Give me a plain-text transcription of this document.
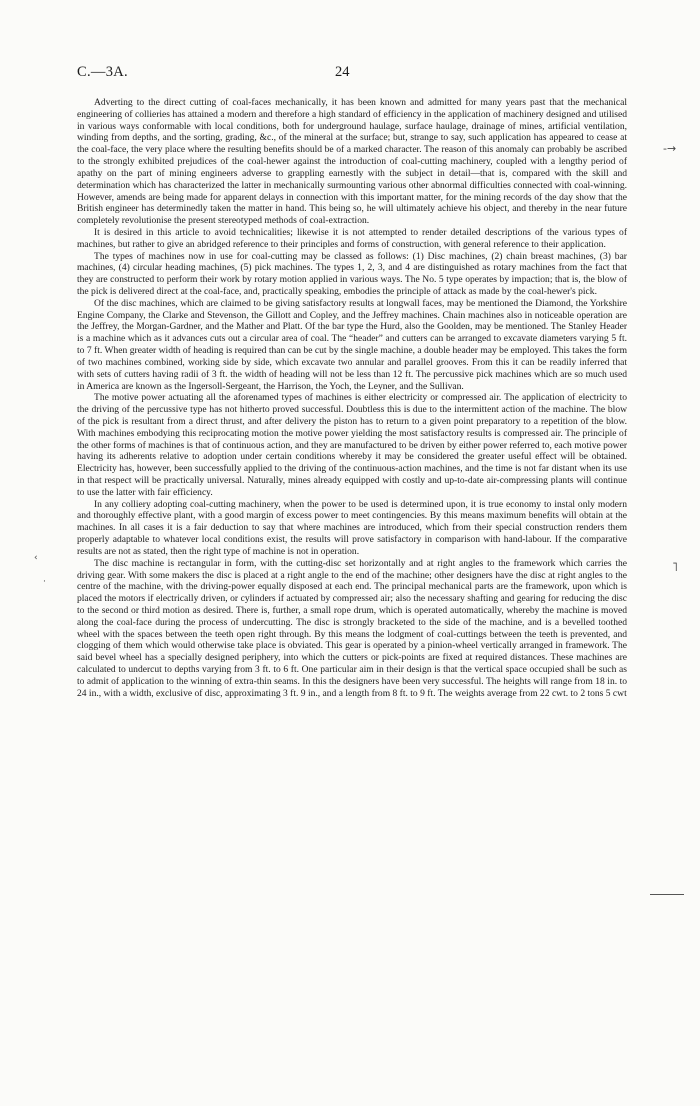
C.—3A.	24

Adverting to the direct cutting of coal-faces mechanically, it has been known and admitted for many years past that the mechanical engineering of collieries has attained a modern and therefore a high standard of efficiency in the application of machinery designed and utilised in various ways conformable with local conditions, both for underground haulage, surface haulage, drainage of mines, artificial ventilation, winding from depths, and the sorting, grading, &c., of the mineral at the surface; but, strange to say, such application has appeared to cease at the coal-face, the very place where the resulting benefits should be of a marked character. The reason of this anomaly can probably be ascribed to the strongly exhibited prejudices of the coal-hewer against the introduction of coal-cutting machinery, coupled with a lengthy period of apathy on the part of mining engineers adverse to grappling earnestly with the subject in detail—that is, compared with the skill and determination which has characterized the latter in mechanically surmounting various other abnormal difficulties connected with coal-winning. However, amends are being made for apparent delays in connection with this important matter, for the mining records of the day show that the British engineer has determinedly taken the matter in hand. This being so, he will ultimately achieve his object, and thereby in the near future completely revolutionise the present stereotyped methods of coal-extraction.

It is desired in this article to avoid technicalities; likewise it is not attempted to render detailed descriptions of the various types of machines, but rather to give an abridged reference to their principles and forms of construction, with general reference to their application.

The types of machines now in use for coal-cutting may be classed as follows: (1) Disc machines, (2) chain breast machines, (3) bar machines, (4) circular heading machines, (5) pick machines. The types 1, 2, 3, and 4 are distinguished as rotary machines from the fact that they are constructed to perform their work by rotary motion applied in various ways. The No. 5 type operates by impaction; that is, the blow of the pick is delivered direct at the coal-face, and, practically speaking, embodies the principle of attack as made by the coal-hewer's pick.

Of the disc machines, which are claimed to be giving satisfactory results at longwall faces, may be mentioned the Diamond, the Yorkshire Engine Company, the Clarke and Stevenson, the Gillott and Copley, and the Jeffrey machines. Chain machines also in noticeable operation are the Jeffrey, the Morgan-Gardner, and the Mather and Platt. Of the bar type the Hurd, also the Goolden, may be mentioned. The Stanley Header is a machine which as it advances cuts out a circular area of coal. The “header” and cutters can be arranged to excavate diameters varying 5 ft. to 7 ft. When greater width of heading is required than can be cut by the single machine, a double header may be employed. This takes the form of two machines combined, working side by side, which excavate two annular and parallel grooves. From this it can be readily inferred that with sets of cutters having radii of 3 ft. the width of heading will not be less than 12 ft. The percussive pick machines which are so much used in America are known as the Ingersoll-Sergeant, the Harrison, the Yoch, the Leyner, and the Sullivan.

The motive power actuating all the aforenamed types of machines is either electricity or compressed air. The application of electricity to the driving of the percussive type has not hitherto proved successful. Doubtless this is due to the intermittent action of the machine. The blow of the pick is resultant from a direct thrust, and after delivery the piston has to return to a given point preparatory to a repetition of the blow. With machines embodying this reciprocating motion the motive power yielding the most satisfactory results is compressed air. The principle of the other forms of machines is that of continuous action, and they are manufactured to be driven by either power referred to, each motive power having its adherents relative to adoption under certain conditions whereby it may be considered the greater useful effect will be obtained. Electricity has, however, been successfully applied to the driving of the continuous-action machines, and the time is not far distant when its use in that respect will be practically universal. Naturally, mines already equipped with costly and up-to-date air-compressing plants will continue to use the latter with fair efficiency.

In any colliery adopting coal-cutting machinery, when the power to be used is determined upon, it is true economy to instal only modern and thoroughly effective plant, with a good margin of excess power to meet contingencies. By this means maximum benefits will obtain at the machines. In all cases it is a fair deduction to say that where machines are introduced, which from their special construction renders them properly adaptable to whatever local conditions exist, the results will prove satisfactory in comparison with hand-labour. If the comparative results are not as stated, then the right type of machine is not in operation.

The disc machine is rectangular in form, with the cutting-disc set horizontally and at right angles to the framework which carries the driving gear. With some makers the disc is placed at a right angle to the end of the machine; other designers have the disc at right angles to the centre of the machine, with the driving-power equally disposed at each end. The principal mechanical parts are the framework, upon which is placed the motors if electrically driven, or cylinders if actuated by compressed air; also the necessary shafting and gearing for reducing the disc to the second or third motion as desired. There is, further, a small rope drum, which is operated automatically, whereby the machine is moved along the coal-face during the process of undercutting. The disc is strongly bracketed to the side of the machine, and is a bevelled toothed wheel with the spaces between the teeth open right through. By this means the lodgment of coal-cuttings between the teeth is prevented, and clogging of them which would otherwise take place is obviated. This gear is operated by a pinion-wheel vertically arranged in framework. The said bevel wheel has a specially designed periphery, into which the cutters or pick-points are fixed at required distances. These machines are calculated to undercut to depths varying from 3 ft. to 6 ft. One particular aim in their design is that the vertical space occupied shall be such as to admit of application to the winning of extra-thin seams. In this the designers have been very successful. The heights will range from 18 in. to 24 in., with a width, exclusive of disc, approximating 3 ft. 9 in., and a length from 8 ft. to 9 ft. The weights average from 22 cwt. to 2 tons 5 cwt

-→
‹
˥
·
